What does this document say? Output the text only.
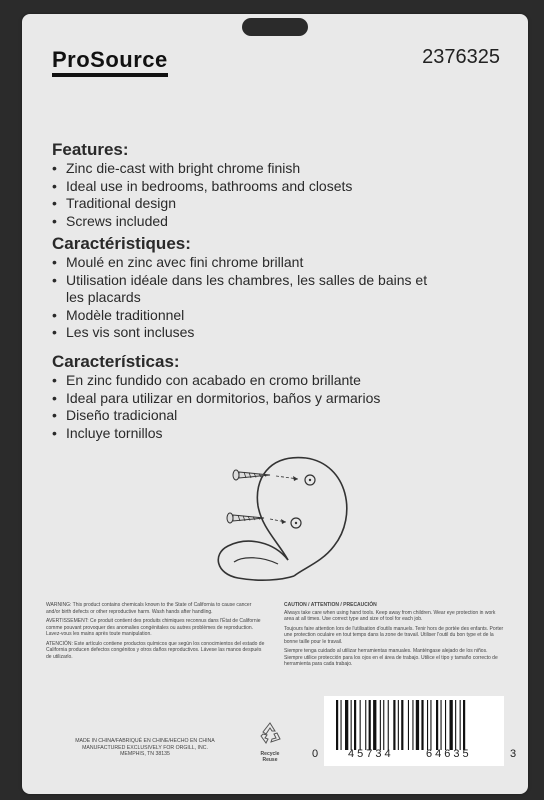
ProSource	2376325
Features:
• Zinc die-cast with bright chrome finish
• Ideal use in bedrooms, bathrooms and closets
• Traditional design
• Screws included
Caractéristiques:
• Moulé en zinc avec fini chrome brillant
• Utilisation idéale dans les chambres, les salles de bains et les placards
• Modèle traditionnel
• Les vis sont incluses
Características:
• En zinc fundido con acabado en cromo brillante
• Ideal para utilizar en dormitorios, baños y armarios
• Diseño tradicional
• Incluye tornillos

WARNING: This product contains chemicals known to the State of California to cause cancer and/or birth defects or other reproductive harm. Wash hands after handling.

AVERTISSEMENT: Ce produit contient des produits chimiques reconnus dans l'État de Californie comme pouvant provoquer des anomalies congénitales ou autres problèmes de reproduction. Lavez-vous les mains après toute manipulation.

ATENCIÓN: Este artículo contiene productos químicos que según los conocimientos del estado de California producen defectos congénitos y otros daños reproductivos. Lávese las manos después de utilizarlo.

CAUTION / ATTENTION / PRECAUCIÓN

Always take care when using hand tools. Keep away from children. Wear eye protection in work area at all times. Use correct type and size of tool for each job.

Toujours faire attention lors de l'utilisation d'outils manuels. Tenir hors de portée des enfants. Porter une protection oculaire en tout temps dans la zone de travail. Utiliser l'outil du bon type et de la bonne taille pour le travail.

Siempre tenga cuidado al utilizar herramientas manuales. Manténgase alejado de los niños. Siempre utilice protección para los ojos en el área de trabajo. Utilice el tipo y tamaño correcto de herramienta para cada trabajo.

MADE IN CHINA/FABRIQUÉ EN CHINE/HECHO EN CHINA
MANUFACTURED EXCLUSIVELY FOR ORGILL, INC.
MEMPHIS, TN 38135	Recycle
Reuse	0	45734	64635	3
